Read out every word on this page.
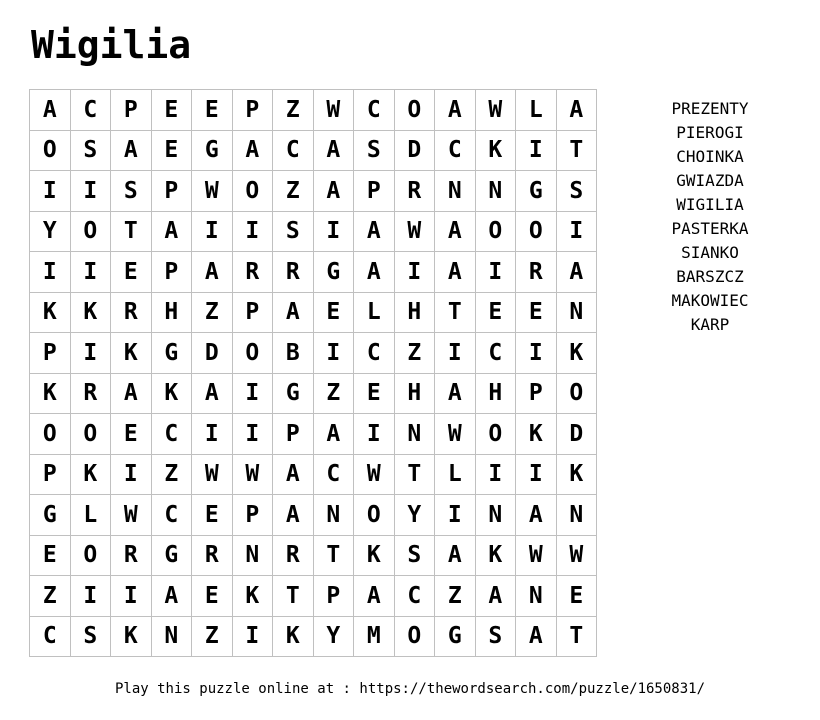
Wigilia
A	C	P	E	E	P	Z	W	C	O	A	W	L	A
O	S	A	E	G	A	C	A	S	D	C	K	I	T
I	I	S	P	W	O	Z	A	P	R	N	N	G	S
Y	O	T	A	I	I	S	I	A	W	A	O	O	I
I	I	E	P	A	R	R	G	A	I	A	I	R	A
K	K	R	H	Z	P	A	E	L	H	T	E	E	N
P	I	K	G	D	O	B	I	C	Z	I	C	I	K
K	R	A	K	A	I	G	Z	E	H	A	H	P	O
O	O	E	C	I	I	P	A	I	N	W	O	K	D
P	K	I	Z	W	W	A	C	W	T	L	I	I	K
G	L	W	C	E	P	A	N	O	Y	I	N	A	N
E	O	R	G	R	N	R	T	K	S	A	K	W	W
Z	I	I	A	E	K	T	P	A	C	Z	A	N	E
C	S	K	N	Z	I	K	Y	M	O	G	S	A	T
PREZENTY
PIEROGI
CHOINKA
GWIAZDA
WIGILIA
PASTERKA
SIANKO
BARSZCZ
MAKOWIEC
KARP
Play this puzzle online at : https://thewordsearch.com/puzzle/1650831/
